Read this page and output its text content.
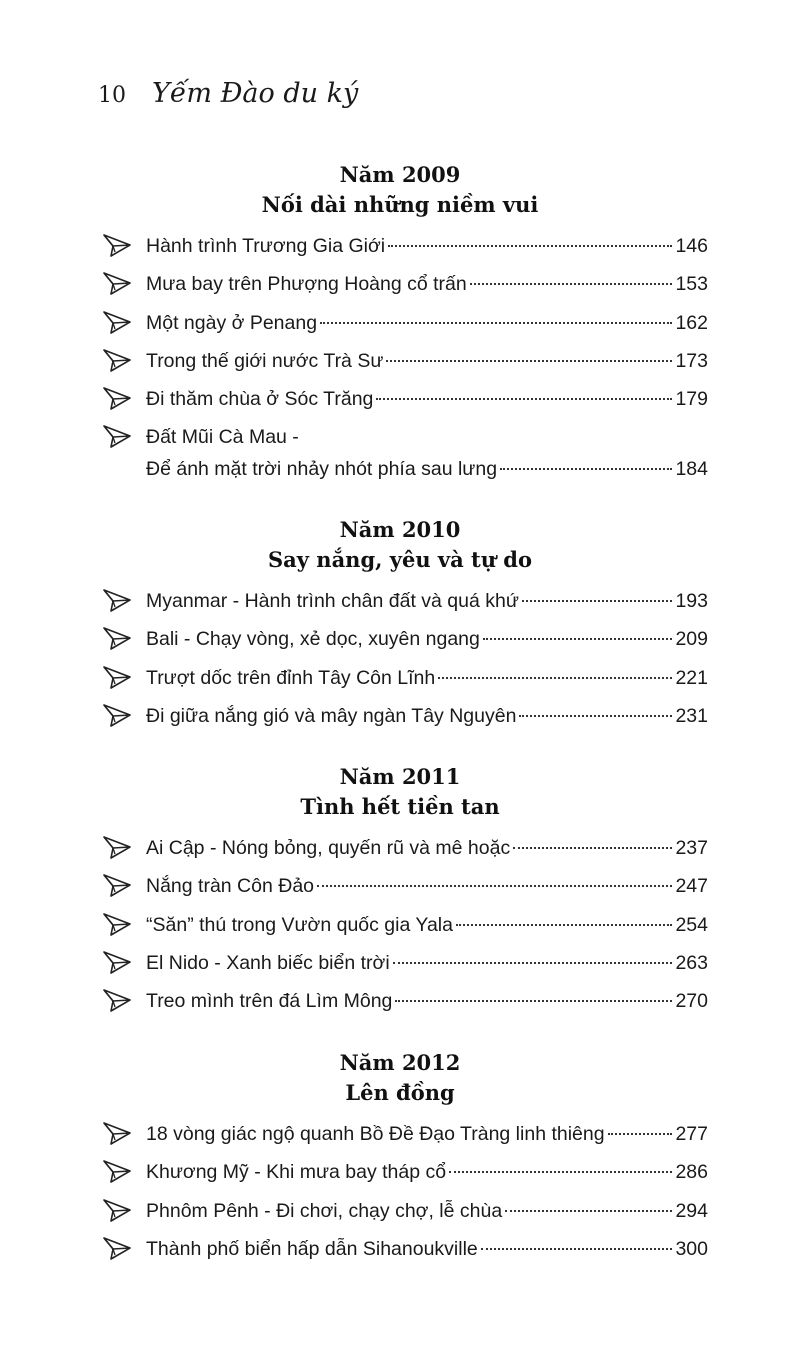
10 Yếm Đào du ký
Năm 2009
Nối dài những niềm vui
Hành trình Trương Gia Giới	146
Mưa bay trên Phượng Hoàng cổ trấn	153
Một ngày ở Penang	162
Trong thế giới nước Trà Sư	173
Đi thăm chùa ở Sóc Trăng	179
Đất Mũi Cà Mau -
Để ánh mặt trời nhảy nhót phía sau lưng	184
Năm 2010
Say nắng, yêu và tự do
Myanmar - Hành trình chân đất và quá khứ	193
Bali - Chạy vòng, xẻ dọc, xuyên ngang	209
Trượt dốc trên đỉnh Tây Côn Lĩnh	221
Đi giữa nắng gió và mây ngàn Tây Nguyên	231
Năm 2011
Tình hết tiền tan
Ai Cập - Nóng bỏng, quyến rũ và mê hoặc	237
Nắng tràn Côn Đảo	247
“Săn” thú trong Vườn quốc gia Yala	254
El Nido - Xanh biếc biển trời	263
Treo mình trên đá Lìm Mông	270
Năm 2012
Lên đồng
18 vòng giác ngộ quanh Bồ Đề Đạo Tràng linh thiêng	277
Khương Mỹ - Khi mưa bay tháp cổ	286
Phnôm Pênh - Đi chơi, chạy chợ, lễ chùa	294
Thành phố biển hấp dẫn Sihanoukville	300
